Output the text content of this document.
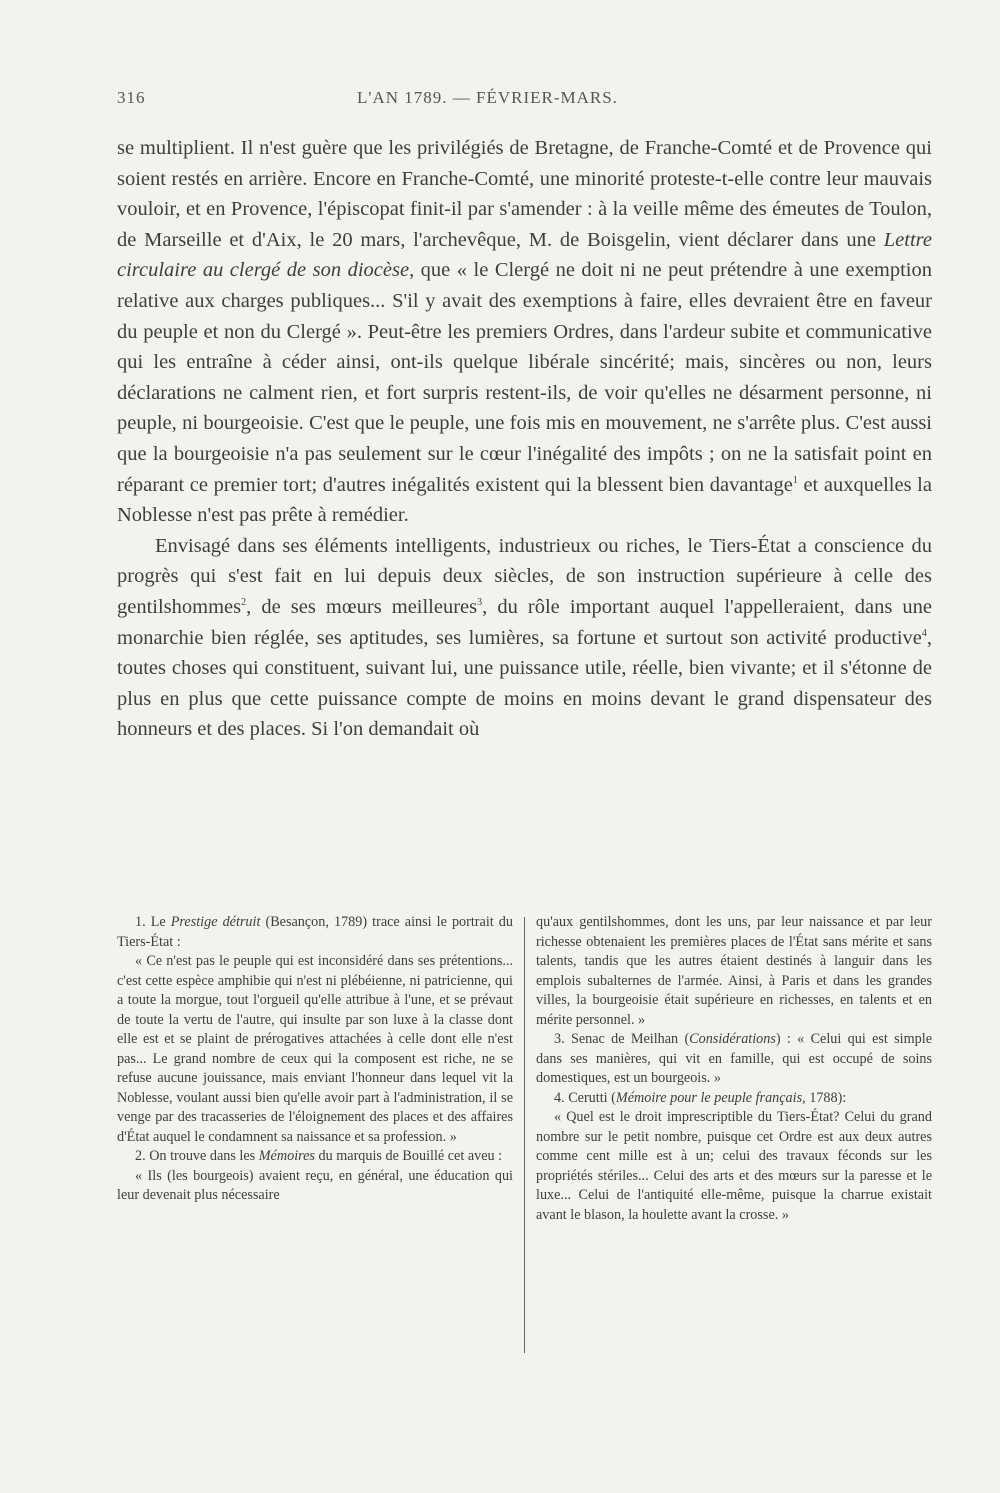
316	L'AN 1789. — FÉVRIER-MARS.

se multiplient. Il n'est guère que les privilégiés de Bretagne, de Franche-Comté et de Provence qui soient restés en arrière. Encore en Franche-Comté, une minorité proteste-t-elle contre leur mauvais vouloir, et en Provence, l'épiscopat finit-il par s'amender : à la veille même des émeutes de Toulon, de Marseille et d'Aix, le 20 mars, l'archevêque, M. de Boisgelin, vient déclarer dans une Lettre circulaire au clergé de son diocèse, que « le Clergé ne doit ni ne peut prétendre à une exemption relative aux charges publiques... S'il y avait des exemptions à faire, elles devraient être en faveur du peuple et non du Clergé ». Peut-être les premiers Ordres, dans l'ardeur subite et communicative qui les entraîne à céder ainsi, ont-ils quelque libérale sincérité; mais, sincères ou non, leurs déclarations ne calment rien, et fort surpris restent-ils, de voir qu'elles ne désarment personne, ni peuple, ni bourgeoisie. C'est que le peuple, une fois mis en mouvement, ne s'arrête plus. C'est aussi que la bourgeoisie n'a pas seulement sur le cœur l'inégalité des impôts ; on ne la satisfait point en réparant ce premier tort; d'autres inégalités existent qui la blessent bien davantage$^1$ et auxquelles la Noblesse n'est pas prête à remédier.

Envisagé dans ses éléments intelligents, industrieux ou riches, le Tiers-État a conscience du progrès qui s'est fait en lui depuis deux siècles, de son instruction supérieure à celle des gentilshommes$^2$, de ses mœurs meilleures$^3$, du rôle important auquel l'appelleraient, dans une monarchie bien réglée, ses aptitudes, ses lumières, sa fortune et surtout son activité productive$^4$, toutes choses qui constituent, suivant lui, une puissance utile, réelle, bien vivante; et il s'étonne de plus en plus que cette puissance compte de moins en moins devant le grand dispensateur des honneurs et des places. Si l'on demandait où

1. Le Prestige détruit (Besançon, 1789) trace ainsi le portrait du Tiers-État :

« Ce n'est pas le peuple qui est inconsidéré dans ses prétentions... c'est cette espèce amphibie qui n'est ni plébéienne, ni patricienne, qui a toute la morgue, tout l'orgueil qu'elle attribue à l'une, et se prévaut de toute la vertu de l'autre, qui insulte par son luxe à la classe dont elle est et se plaint de prérogatives attachées à celle dont elle n'est pas... Le grand nombre de ceux qui la composent est riche, ne se refuse aucune jouissance, mais enviant l'honneur dans lequel vit la Noblesse, voulant aussi bien qu'elle avoir part à l'administration, il se venge par des tracasseries de l'éloignement des places et des affaires d'État auquel le condamnent sa naissance et sa profession. »

2. On trouve dans les Mémoires du marquis de Bouillé cet aveu :

« Ils (les bourgeois) avaient reçu, en général, une éducation qui leur devenait plus nécessaire

qu'aux gentilshommes, dont les uns, par leur naissance et par leur richesse obtenaient les premières places de l'État sans mérite et sans talents, tandis que les autres étaient destinés à languir dans les emplois subalternes de l'armée. Ainsi, à Paris et dans les grandes villes, la bourgeoisie était supérieure en richesses, en talents et en mérite personnel. »

3. Senac de Meilhan (Considérations) : « Celui qui est simple dans ses manières, qui vit en famille, qui est occupé de soins domestiques, est un bourgeois. »

4. Cerutti (Mémoire pour le peuple français, 1788):

« Quel est le droit imprescriptible du Tiers-État? Celui du grand nombre sur le petit nombre, puisque cet Ordre est aux deux autres comme cent mille est à un; celui des travaux féconds sur les propriétés stériles... Celui des arts et des mœurs sur la paresse et le luxe... Celui de l'antiquité elle-même, puisque la charrue existait avant le blason, la houlette avant la crosse. »
